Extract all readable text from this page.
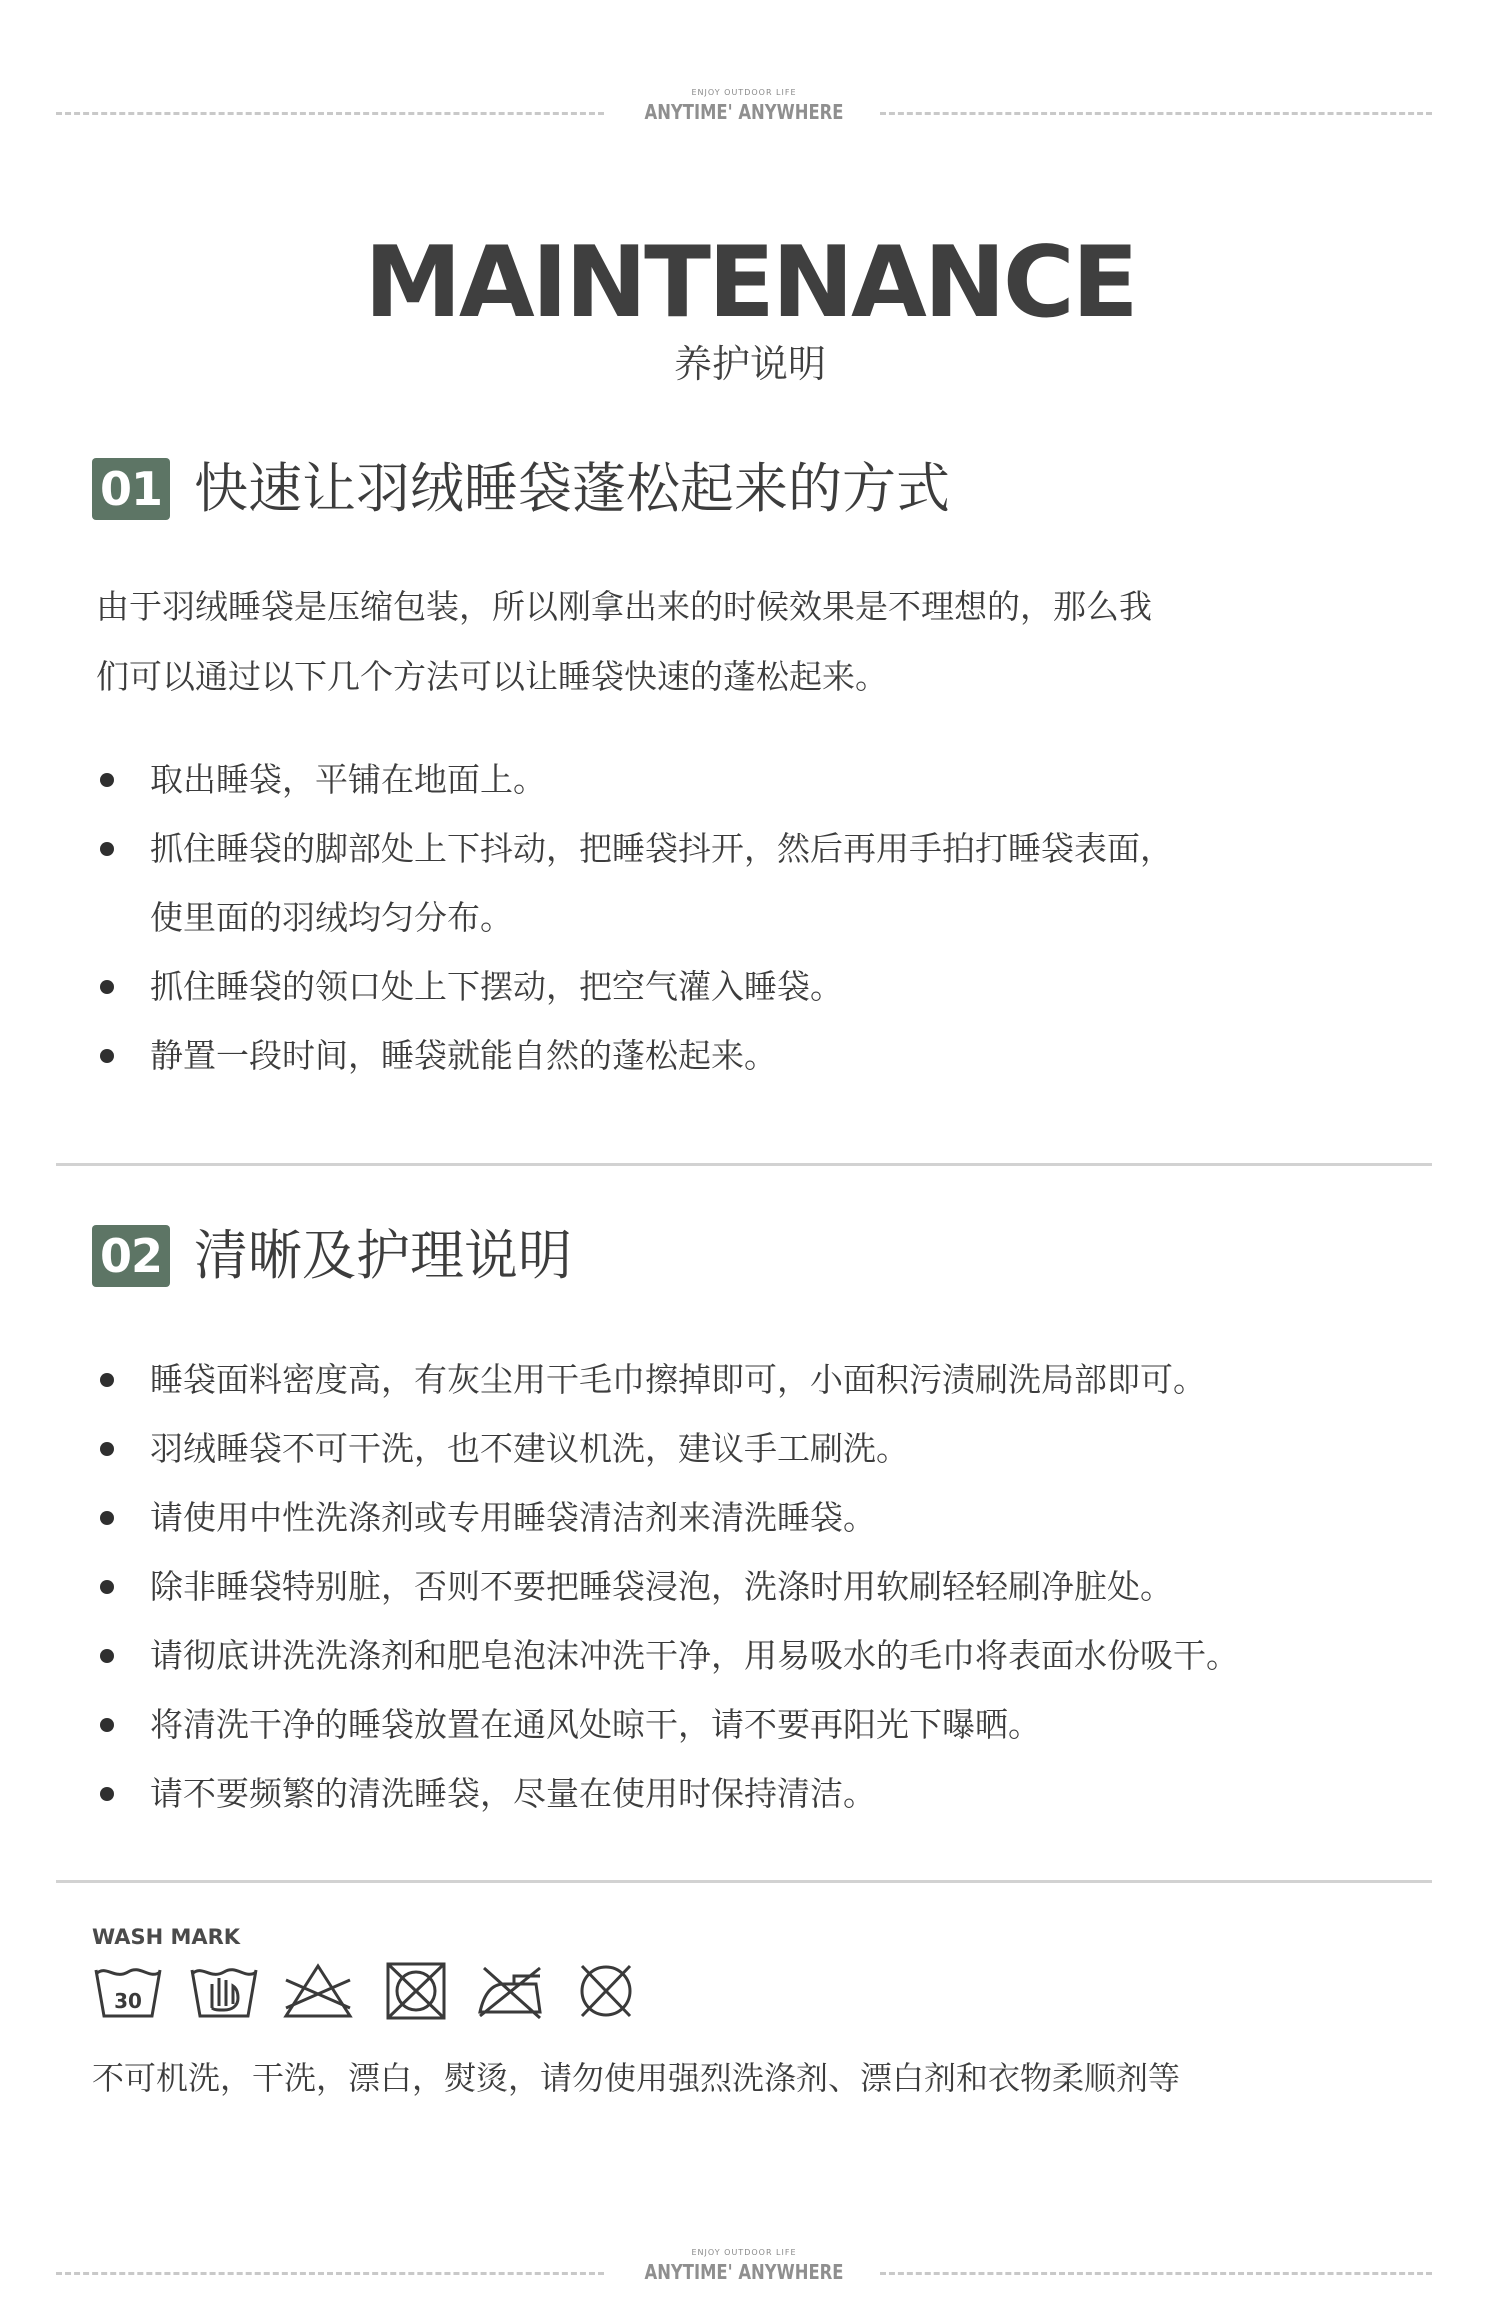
ENJOY OUTDOOR LIFE
ANYTIME' ANYWHERE
MAINTENANCE
养护说明
01 快速让羽绒睡袋蓬松起来的方式
由于羽绒睡袋是压缩包装，所以刚拿出来的时候效果是不理想的，那么我
们可以通过以下几个方法可以让睡袋快速的蓬松起来。
取出睡袋，平铺在地面上。
抓住睡袋的脚部处上下抖动，把睡袋抖开，然后再用手拍打睡袋表面，
使里面的羽绒均匀分布。
抓住睡袋的领口处上下摆动，把空气灌入睡袋。
静置一段时间，睡袋就能自然的蓬松起来。
02 清晰及护理说明
睡袋面料密度高，有灰尘用干毛巾擦掉即可，小面积污渍刷洗局部即可。
羽绒睡袋不可干洗，也不建议机洗，建议手工刷洗。
请使用中性洗涤剂或专用睡袋清洁剂来清洗睡袋。
除非睡袋特别脏，否则不要把睡袋浸泡，洗涤时用软刷轻轻刷净脏处。
请彻底讲洗洗涤剂和肥皂泡沫冲洗干净，用易吸水的毛巾将表面水份吸干。
将清洗干净的睡袋放置在通风处晾干，请不要再阳光下曝晒。
请不要频繁的清洗睡袋，尽量在使用时保持清洁。
WASH MARK
30
不可机洗，干洗，漂白，熨烫，请勿使用强烈洗涤剂、漂白剂和衣物柔顺剂等
ENJOY OUTDOOR LIFE
ANYTIME' ANYWHERE
